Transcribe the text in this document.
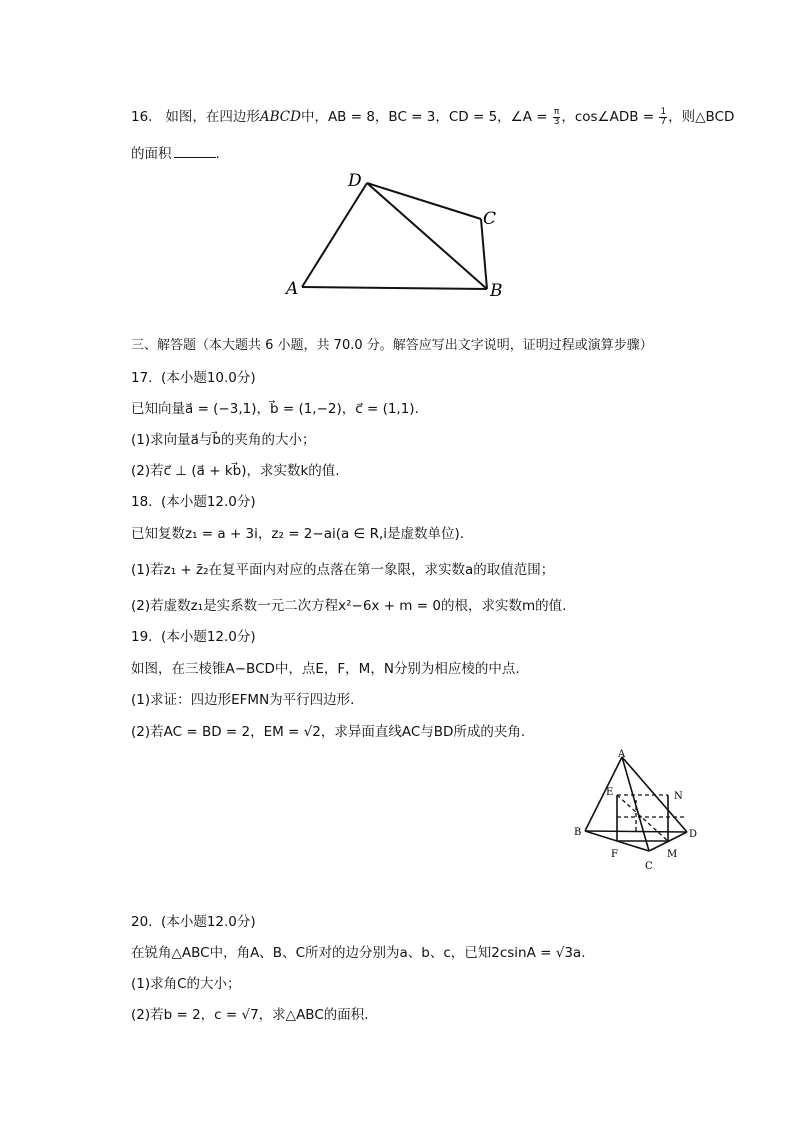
16. 如图，在四边形ABCD中，AB = 8，BC = 3，CD = 5，∠A = $\frac{\pi}{3}$ ，cos∠ADB = $\frac{1}{7}$ ，则△BCD
的面积	.
D
C
A	B
三、解答题（本大题共 6 小题，共 70.0 分。解答应写出文字说明，证明过程或演算步骤）
17.  (本小题10.0分)
已知向量a⃗ = (−3,1)，b⃗ = (1,−2)，c⃗ = (1,1).
(1)求向量a⃗与b⃗的夹角的大小；
(2)若c⃗ ⊥ (a⃗ + kb⃗)，求实数k的值.
18.  (本小题12.0分)
已知复数z₁ = a + 3i，z₂ = 2−ai(a ∈ R,i是虚数单位).
(1)若z₁ + z̄₂在复平面内对应的点落在第一象限，求实数a的取值范围；
(2)若虚数z₁是实系数一元二次方程x²−6x + m = 0的根，求实数m的值.
19.  (本小题12.0分)
如图，在三棱锥A−BCD中，点E，F，M，N分别为相应棱的中点.
(1)求证：四边形EFMN为平行四边形.
(2)若AC = BD = 2，EM = √2，求异面直线AC与BD所成的夹角.
A
E	N
B	D
F	M
C
20.  (本小题12.0分)
在锐角△ABC中，角A、B、C所对的边分别为a、b、c，已知2csinA = √3a.
(1)求角C的大小；
(2)若b = 2，c = √7，求△ABC的面积.
